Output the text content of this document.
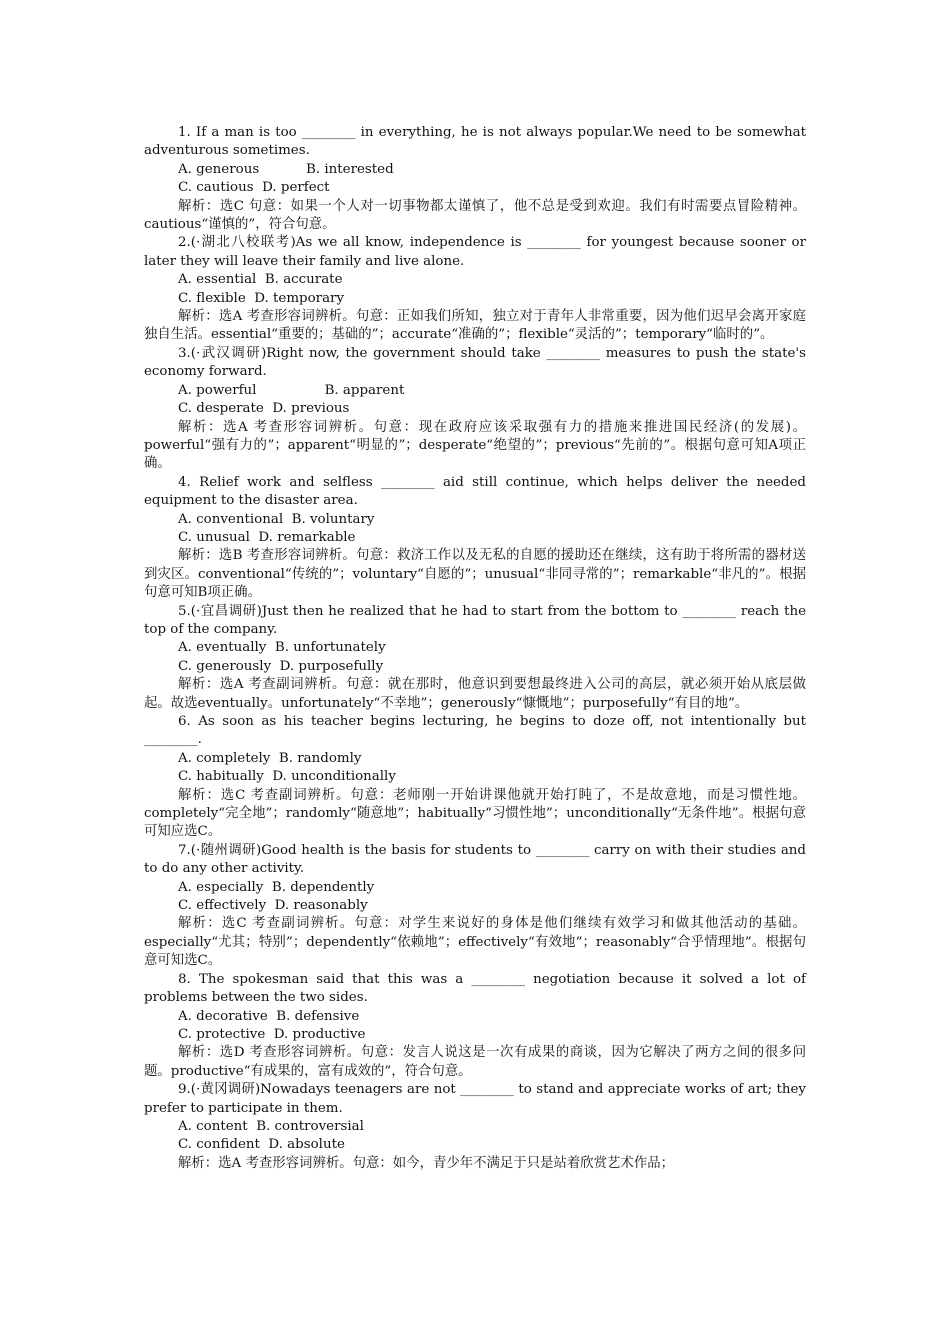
1. If a man is too ________ in everything, he is not always popular.We need to be somewhat adventurous sometimes.

A. generous           B. interested

C. cautious  D. perfect

解析：选C 句意：如果一个人对一切事物都太谨慎了，他不总是受到欢迎。我们有时需要点冒险精神。cautious“谨慎的”，符合句意。

2.(·湖北八校联考)As we all know, independence is ________ for youngest because sooner or later they will leave their family and live alone.

A. essential  B. accurate

C. flexible  D. temporary

解析：选A 考查形容词辨析。句意：正如我们所知，独立对于青年人非常重要，因为他们迟早会离开家庭独自生活。essential“重要的；基础的”；accurate“准确的”；flexible“灵活的”；temporary“临时的”。

3.(·武汉调研)Right now, the government should take ________ measures to push the state's economy forward.

A. powerful                B. apparent

C. desperate  D. previous

解析：选A 考查形容词辨析。句意：现在政府应该采取强有力的措施来推进国民经济(的发展)。powerful“强有力的”；apparent“明显的”；desperate“绝望的”；previous“先前的”。根据句意可知A项正确。

4. Relief work and selfless ________ aid still continue, which helps deliver the needed equipment to the disaster area.

A. conventional  B. voluntary

C. unusual  D. remarkable

解析：选B 考查形容词辨析。句意：救济工作以及无私的自愿的援助还在继续，这有助于将所需的器材送到灾区。conventional“传统的”；voluntary“自愿的”；unusual“非同寻常的”；remarkable“非凡的”。根据句意可知B项正确。

5.(·宜昌调研)Just then he realized that he had to start from the bottom to ________ reach the top of the company.

A. eventually  B. unfortunately

C. generously  D. purposefully

解析：选A 考查副词辨析。句意：就在那时，他意识到要想最终进入公司的高层，就必须开始从底层做起。故选eventually。unfortunately“不幸地”；generously“慷慨地”；purposefully“有目的地”。

6. As soon as his teacher begins lecturing, he begins to doze off, not intentionally but ________.

A. completely  B. randomly

C. habitually  D. unconditionally

解析：选C 考查副词辨析。句意：老师刚一开始讲课他就开始打盹了，不是故意地，而是习惯性地。completely“完全地”；randomly“随意地”；habitually“习惯性地”；unconditionally“无条件地”。根据句意可知应选C。

7.(·随州调研)Good health is the basis for students to ________ carry on with their studies and to do any other activity.

A. especially  B. dependently

C. effectively  D. reasonably

解析：选C 考查副词辨析。句意：对学生来说好的身体是他们继续有效学习和做其他活动的基础。especially“尤其；特别”；dependently“依赖地”；effectively“有效地”；reasonably“合乎情理地”。根据句意可知选C。

8. The spokesman said that this was a ________ negotiation because it solved a lot of problems between the two sides.

A. decorative  B. defensive

C. protective  D. productive

解析：选D 考查形容词辨析。句意：发言人说这是一次有成果的商谈，因为它解决了两方之间的很多问题。productive“有成果的，富有成效的”，符合句意。

9.(·黄冈调研)Nowadays teenagers are not ________ to stand and appreciate works of art; they prefer to participate in them.

A. content  B. controversial

C. confident  D. absolute

解析：选A 考查形容词辨析。句意：如今，青少年不满足于只是站着欣赏艺术作品；
